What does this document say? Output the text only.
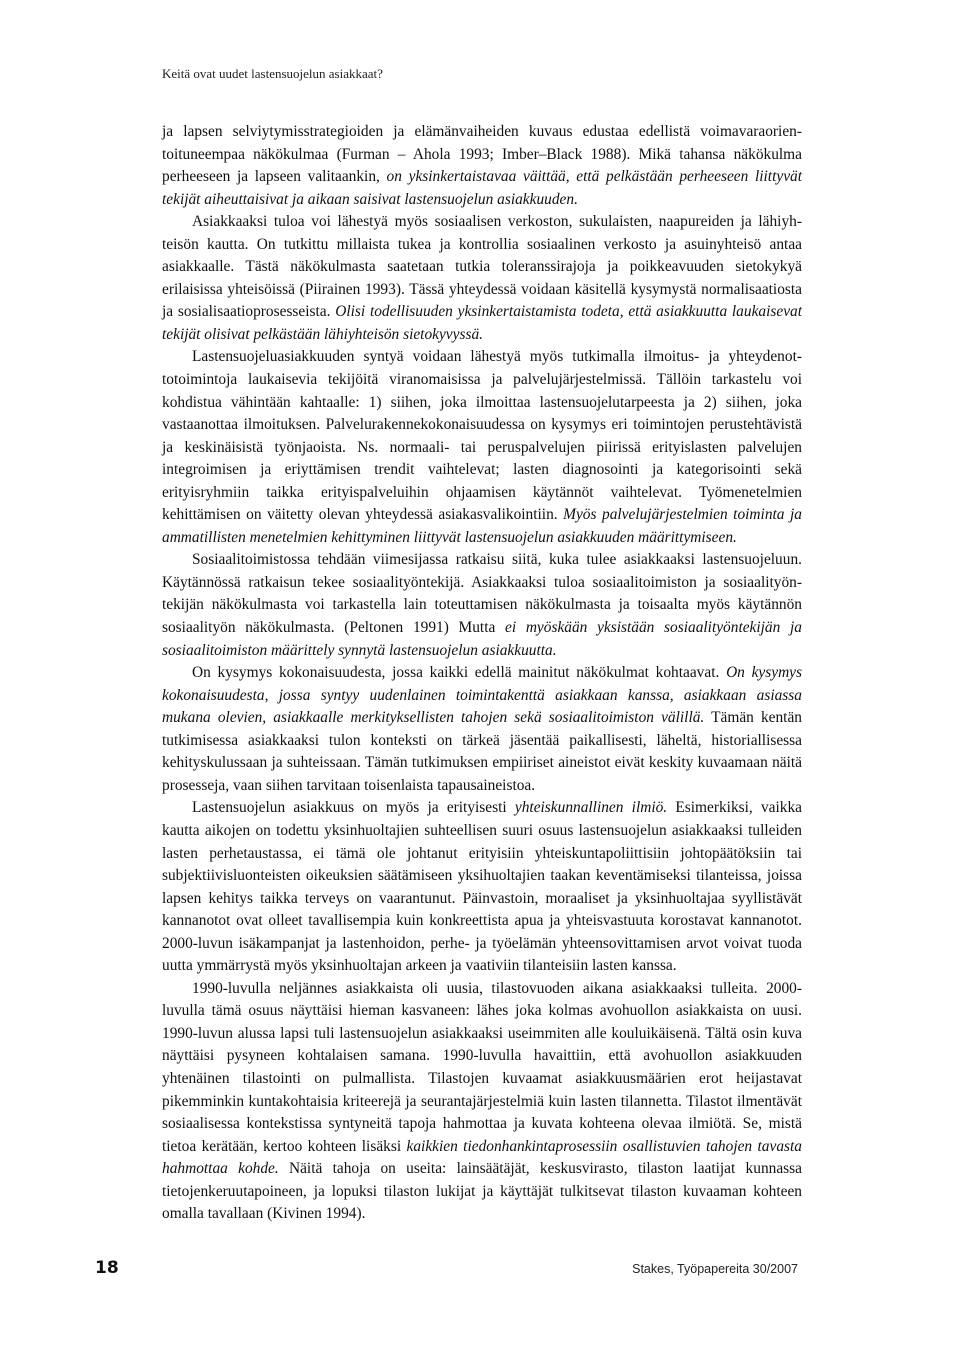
Keitä ovat uudet lastensuojelun asiakkaat?

ja lapsen selviytymisstrategioiden ja elämänvaiheiden kuvaus edustaa edellistä voimavaraorientoituneempaa näkökulmaa (Furman – Ahola 1993; Imber–Black 1988). Mikä tahansa näkökulma perheeseen ja lapseen valitaankin, on yksinkertaistavaa väittää, että pelkästään perheeseen liittyvät tekijät aiheuttaisivat ja aikaan saisivat lastensuojelun asiakkuuden.

Asiakkaaksi tuloa voi lähestyä myös sosiaalisen verkoston, sukulaisten, naapureiden ja lähiyhteisön kautta. On tutkittu millaista tukea ja kontrollia sosiaalinen verkosto ja asuinyhteisö antaa asiakkaalle. Tästä näkökulmasta saatetaan tutkia toleranssirajoja ja poikkeavuuden sietokykyä erilaisissa yhteisöissä (Piirainen 1993). Tässä yhteydessä voidaan käsitellä kysymystä normalisaatiosta ja sosialisaatioprosesseista. Olisi todellisuuden yksinkertaistamista todeta, että asiakkuutta laukaisevat tekijät olisivat pelkästään lähiyhteisön sietokyvyssä.

Lastensuojeluasiakkuuden syntyä voidaan lähestyä myös tutkimalla ilmoitus- ja yhteydenottotoimintoja laukaisevia tekijöitä viranomaisissa ja palvelujärjestelmissä. Tällöin tarkastelu voi kohdistua vähintään kahtaalle: 1) siihen, joka ilmoittaa lastensuojelutarpeesta ja 2) siihen, joka vastaanottaa ilmoituksen. Palvelurakennekokonaisuudessa on kysymys eri toimintojen perustehtävistä ja keskinäisistä työnjaoista. Ns. normaali- tai peruspalvelujen piirissä erityislasten palvelujen integroimisen ja eriyttämisen trendit vaihtelevat; lasten diagnosointi ja kategorisointi sekä erityisryhmiin taikka erityispalveluihin ohjaamisen käytännöt vaihtelevat. Työmenetelmien kehittämisen on väitetty olevan yhteydessä asiakasvalikointiin. Myös palvelujärjestelmien toiminta ja ammatillisten menetelmien kehittyminen liittyvät lastensuojelun asiakkuuden määrittymiseen.

Sosiaalitoimistossa tehdään viimesijassa ratkaisu siitä, kuka tulee asiakkaaksi lastensuojeluun. Käytännössä ratkaisun tekee sosiaalityöntekijä. Asiakkaaksi tuloa sosiaalitoimiston ja sosiaalityöntekijän näkökulmasta voi tarkastella lain toteuttamisen näkökulmasta ja toisaalta myös käytännön sosiaalityön näkökulmasta. (Peltonen 1991) Mutta ei myöskään yksistään sosiaalityöntekijän ja sosiaalitoimiston määrittely synnytä lastensuojelun asiakkuutta.

On kysymys kokonaisuudesta, jossa kaikki edellä mainitut näkökulmat kohtaavat. On kysymys kokonaisuudesta, jossa syntyy uudenlainen toimintakenttä asiakkaan kanssa, asiakkaan asiassa mukana olevien, asiakkaalle merkityksellisten tahojen sekä sosiaalitoimiston välillä. Tämän kentän tutkimisessa asiakkaaksi tulon konteksti on tärkeä jäsentää paikallisesti, läheltä, historiallisessa kehityskulussaan ja suhteissaan. Tämän tutkimuksen empiiriset aineistot eivät keskity kuvaamaan näitä prosesseja, vaan siihen tarvitaan toisenlaista tapausaineistoa.

Lastensuojelun asiakkuus on myös ja erityisesti yhteiskunnallinen ilmiö. Esimerkiksi, vaikka kautta aikojen on todettu yksinhuoltajien suhteellisen suuri osuus lastensuojelun asiakkaaksi tulleiden lasten perhetaustassa, ei tämä ole johtanut erityisiin yhteiskuntapoliittisiin johtopäätöksiin tai subjektiivisluonteisten oikeuksien säätämiseen yksihuoltajien taakan keventämiseksi tilanteissa, joissa lapsen kehitys taikka terveys on vaarantunut. Päinvastoin, moraaliset ja yksinhuoltajaa syyllistävät kannanotot ovat olleet tavallisempia kuin konkreettista apua ja yhteisvastuuta korostavat kannanotot. 2000-luvun isäkampanjat ja lastenhoidon, perhe- ja työelämän yhteensovittamisen arvot voivat tuoda uutta ymmärrystä myös yksinhuoltajan arkeen ja vaativiin tilanteisiin lasten kanssa.

1990-luvulla neljännes asiakkaista oli uusia, tilastovuoden aikana asiakkaaksi tulleita. 2000-luvulla tämä osuus näyttäisi hieman kasvaneen: lähes joka kolmas avohuollon asiakkaista on uusi. 1990-luvun alussa lapsi tuli lastensuojelun asiakkaaksi useimmiten alle kouluikäisenä. Tältä osin kuva näyttäisi pysyneen kohtalaisen samana. 1990-luvulla havaittiin, että avohuollon asiakkuuden yhtenäinen tilastointi on pulmallista. Tilastojen kuvaamat asiakkuusmäärien erot heijastavat pikemminkin kuntakohtaisia kriteerejä ja seurantajärjestelmiä kuin lasten tilannetta. Tilastot ilmentävät sosiaalisessa kontekstissa syntyneitä tapoja hahmottaa ja kuvata kohteena olevaa ilmiötä. Se, mistä tietoa kerätään, kertoo kohteen lisäksi kaikkien tiedonhankintaprosessiin osallistuvien tahojen tavasta hahmottaa kohde. Näitä tahoja on useita: lainsäätäjät, keskusvirasto, tilaston laatijat kunnassa tietojenkeruutapoineen, ja lopuksi tilaston lukijat ja käyttäjät tulkitsevat tilaston kuvaaman kohteen omalla tavallaan (Kivinen 1994).

18	Stakes, Työpapereita 30/2007
